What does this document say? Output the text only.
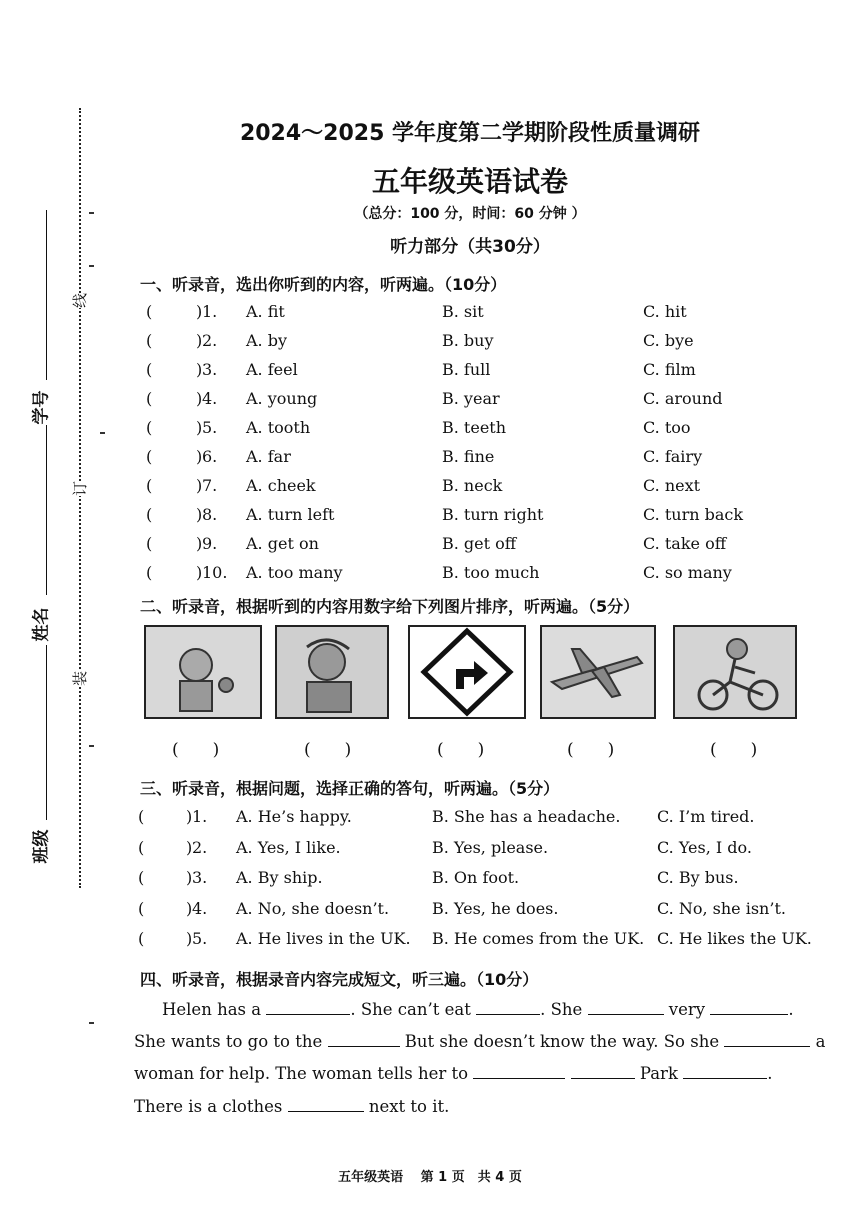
线
订
装
学号
姓名
班级
2024～2025 学年度第二学期阶段性质量调研
五年级英语试卷
（总分：100 分，时间：60 分钟 ）
听力部分（共30分）
一、听录音，选出你听到的内容，听两遍。（10分）
(	) 1. A. fit	B. sit	C. hit
(	) 2. A. by	B. buy	C. bye
(	) 3. A. feel	B. full	C. film
(	) 4. A. young	B. year	C. around
(	) 5. A. tooth	B. teeth	C. too
(	) 6. A. far	B. fine	C. fairy
(	) 7. A. cheek	B. neck	C. next
(	) 8. A. turn left	B. turn right	C. turn back
(	) 9. A. get on	B. get off	C. take off
(	) 10. A. too many	B. too much	C. so many
二、听录音，根据听到的内容用数字给下列图片排序，听两遍。（5分）
(　　)	(　　)	(　　)	(　　)	(　　)
三、听录音，根据问题，选择正确的答句，听两遍。（5分）
(	) 1. A. He’s happy.	B. She has a headache. C. I’m tired.
(	) 2. A. Yes, I like.	B. Yes, please.	C. Yes, I do.
(	) 3. A. By ship.	B. On foot.	C. By bus.
(	) 4. A. No, she doesn’t.	B. Yes, he does.	C. No, she isn’t.
(	) 5. A. He lives in the UK. B. He comes from the UK. C. He likes the UK.
四、听录音，根据录音内容完成短文，听三遍。（10分）
Helen has a	. She can’t eat	. She	very	.
She wants to go to the	But she doesn’t know the way. So she	a
woman for help. The woman tells her to	Park	.
There is a clothes	next to it.
五年级英语　 第 1 页　共 4 页
